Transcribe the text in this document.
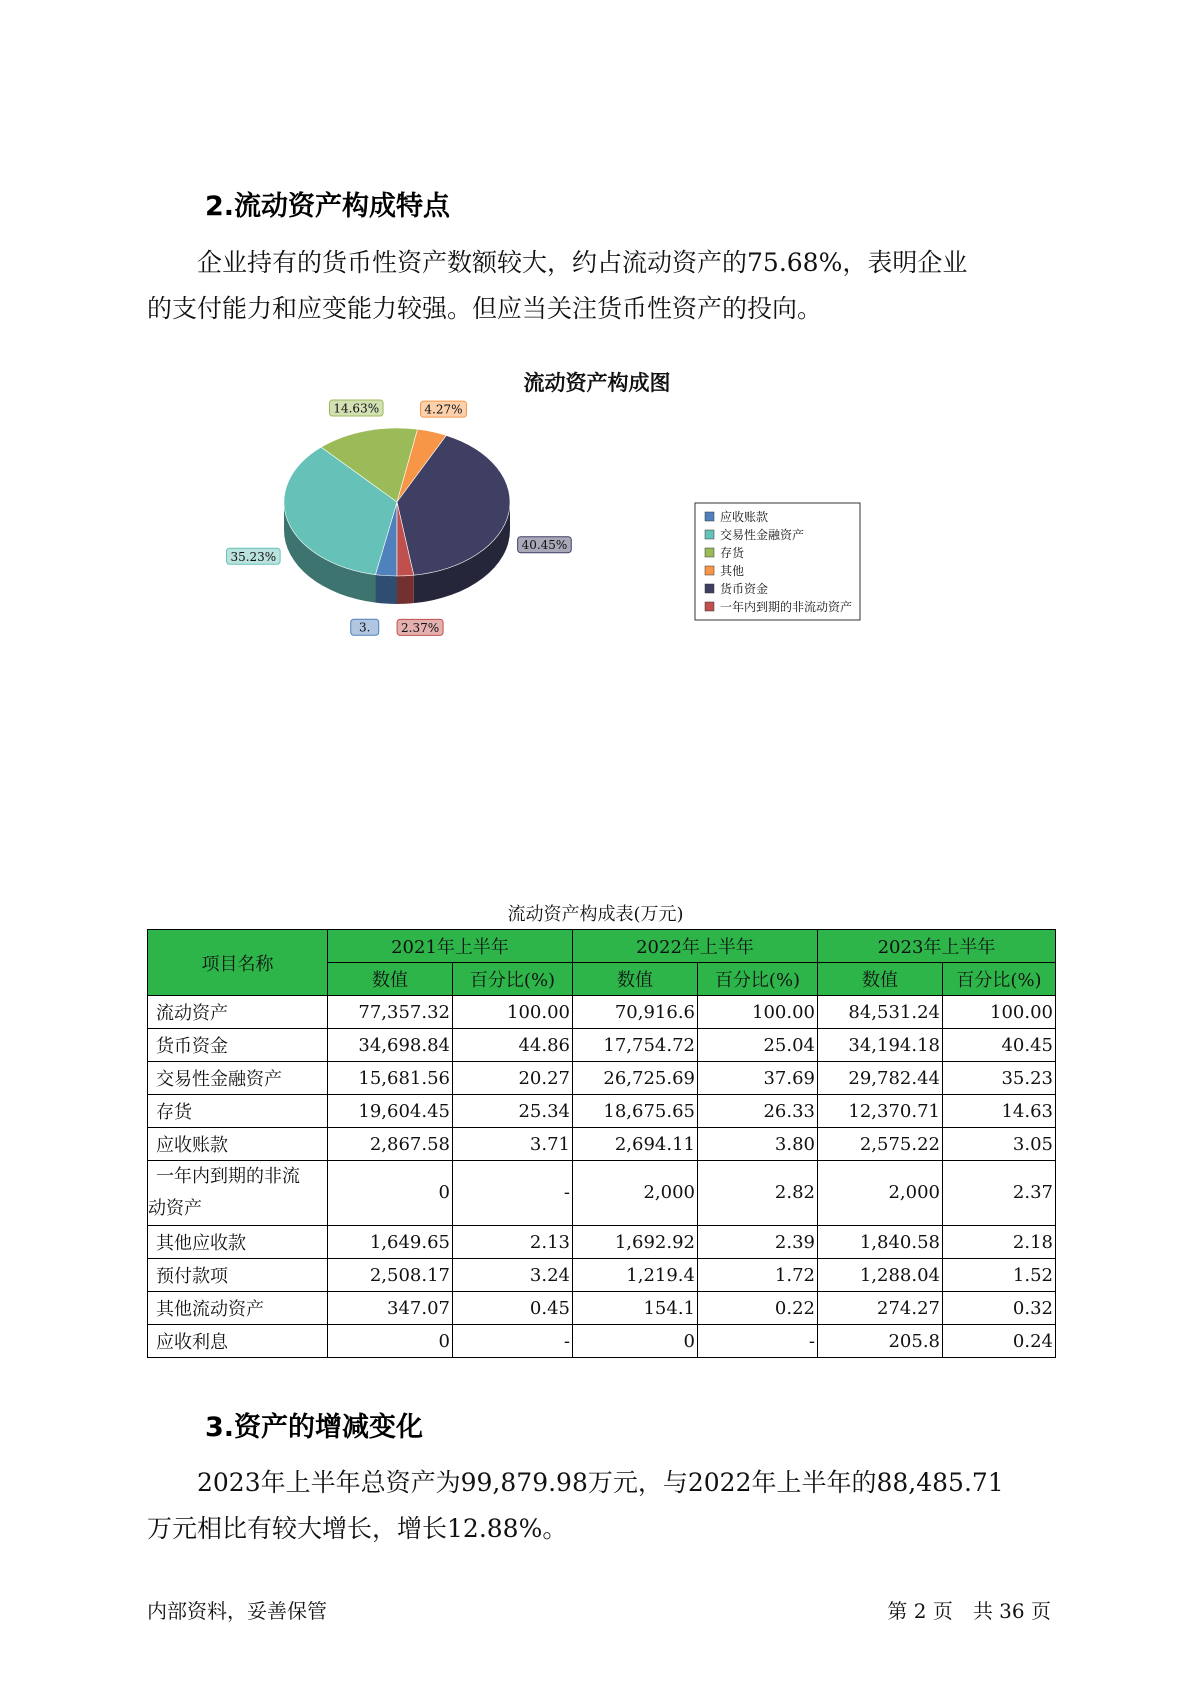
2.流动资产构成特点

企业持有的货币性资产数额较大，约占流动资产的75.68%，表明企业
的支付能力和应变能力较强。但应当关注货币性资产的投向。

流动资产构成图
3.
35.23%
14.63%	4.27%
40.45%
2.37%
应收账款
交易性金融资产
存货
其他
货币资金
一年内到期的非流动资产
流动资产构成表(万元)
项目名称	2021年上半年		2022年上半年		2023年上半年	
	数值	百分比(%)	数值	百分比(%)	数值	百分比(%)
流动资产	77,357.32	100.00	70,916.6	100.00	84,531.24	100.00
货币资金	34,698.84	44.86	17,754.72	25.04	34,194.18	40.45
交易性金融资产	15,681.56	20.27	26,725.69	37.69	29,782.44	35.23
存货	19,604.45	25.34	18,675.65	26.33	12,370.71	14.63
应收账款	2,867.58	3.71	2,694.11	3.80	2,575.22	3.05
一年内到期的非流
动资产	0	-	2,000	2.82	2,000	2.37
其他应收款	1,649.65	2.13	1,692.92	2.39	1,840.58	2.18
预付款项	2,508.17	3.24	1,219.4	1.72	1,288.04	1.52
其他流动资产	347.07	0.45	154.1	0.22	274.27	0.32
应收利息	0	-	0	-	205.8	0.24
3.资产的增减变化

2023年上半年总资产为99,879.98万元，与2022年上半年的88,485.71
万元相比有较大增长，增长12.88%。

内部资料，妥善保管	第 2 页　共 36 页
